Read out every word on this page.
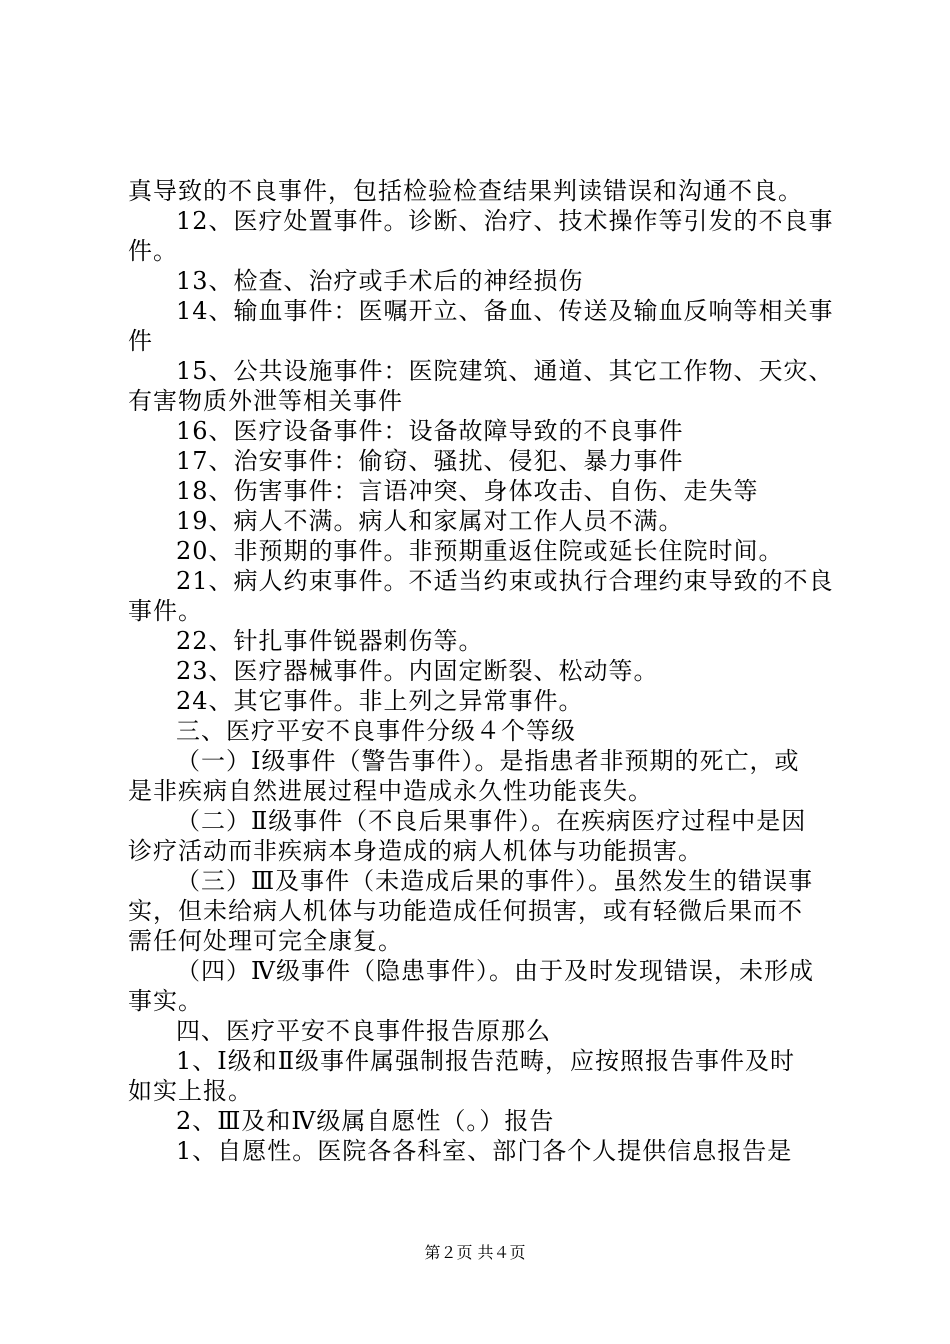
真导致的不良事件，包括检验检查结果判读错误和沟通不良。
12、医疗处置事件。诊断、治疗、技术操作等引发的不良事
件。
13、检查、治疗或手术后的神经损伤
14、输血事件：医嘱开立、备血、传送及输血反响等相关事
件
15、公共设施事件：医院建筑、通道、其它工作物、天灾、
有害物质外泄等相关事件
16、医疗设备事件：设备故障导致的不良事件
17、治安事件：偷窃、骚扰、侵犯、暴力事件
18、伤害事件：言语冲突、身体攻击、自伤、走失等
19、病人不满。病人和家属对工作人员不满。
20、非预期的事件。非预期重返住院或延长住院时间。
21、病人约束事件。不适当约束或执行合理约束导致的不良
事件。
22、针扎事件锐器刺伤等。
23、医疗器械事件。内固定断裂、松动等。
24、其它事件。非上列之异常事件。
三、医疗平安不良事件分级４个等级
（一）Ⅰ级事件（警告事件）。是指患者非预期的死亡，或
是非疾病自然进展过程中造成永久性功能丧失。
（二）Ⅱ级事件（不良后果事件）。在疾病医疗过程中是因
诊疗活动而非疾病本身造成的病人机体与功能损害。
（三）Ⅲ及事件（未造成后果的事件）。虽然发生的错误事
实，但未给病人机体与功能造成任何损害，或有轻微后果而不
需任何处理可完全康复。
（四）Ⅳ级事件（隐患事件）。由于及时发现错误，未形成
事实。
四、医疗平安不良事件报告原那么
1、Ⅰ级和Ⅱ级事件属强制报告范畴，应按照报告事件及时
如实上报。
2、Ⅲ及和Ⅳ级属自愿性（。）报告
1、自愿性。医院各各科室、部门各个人提供信息报告是
第２页 共４页
